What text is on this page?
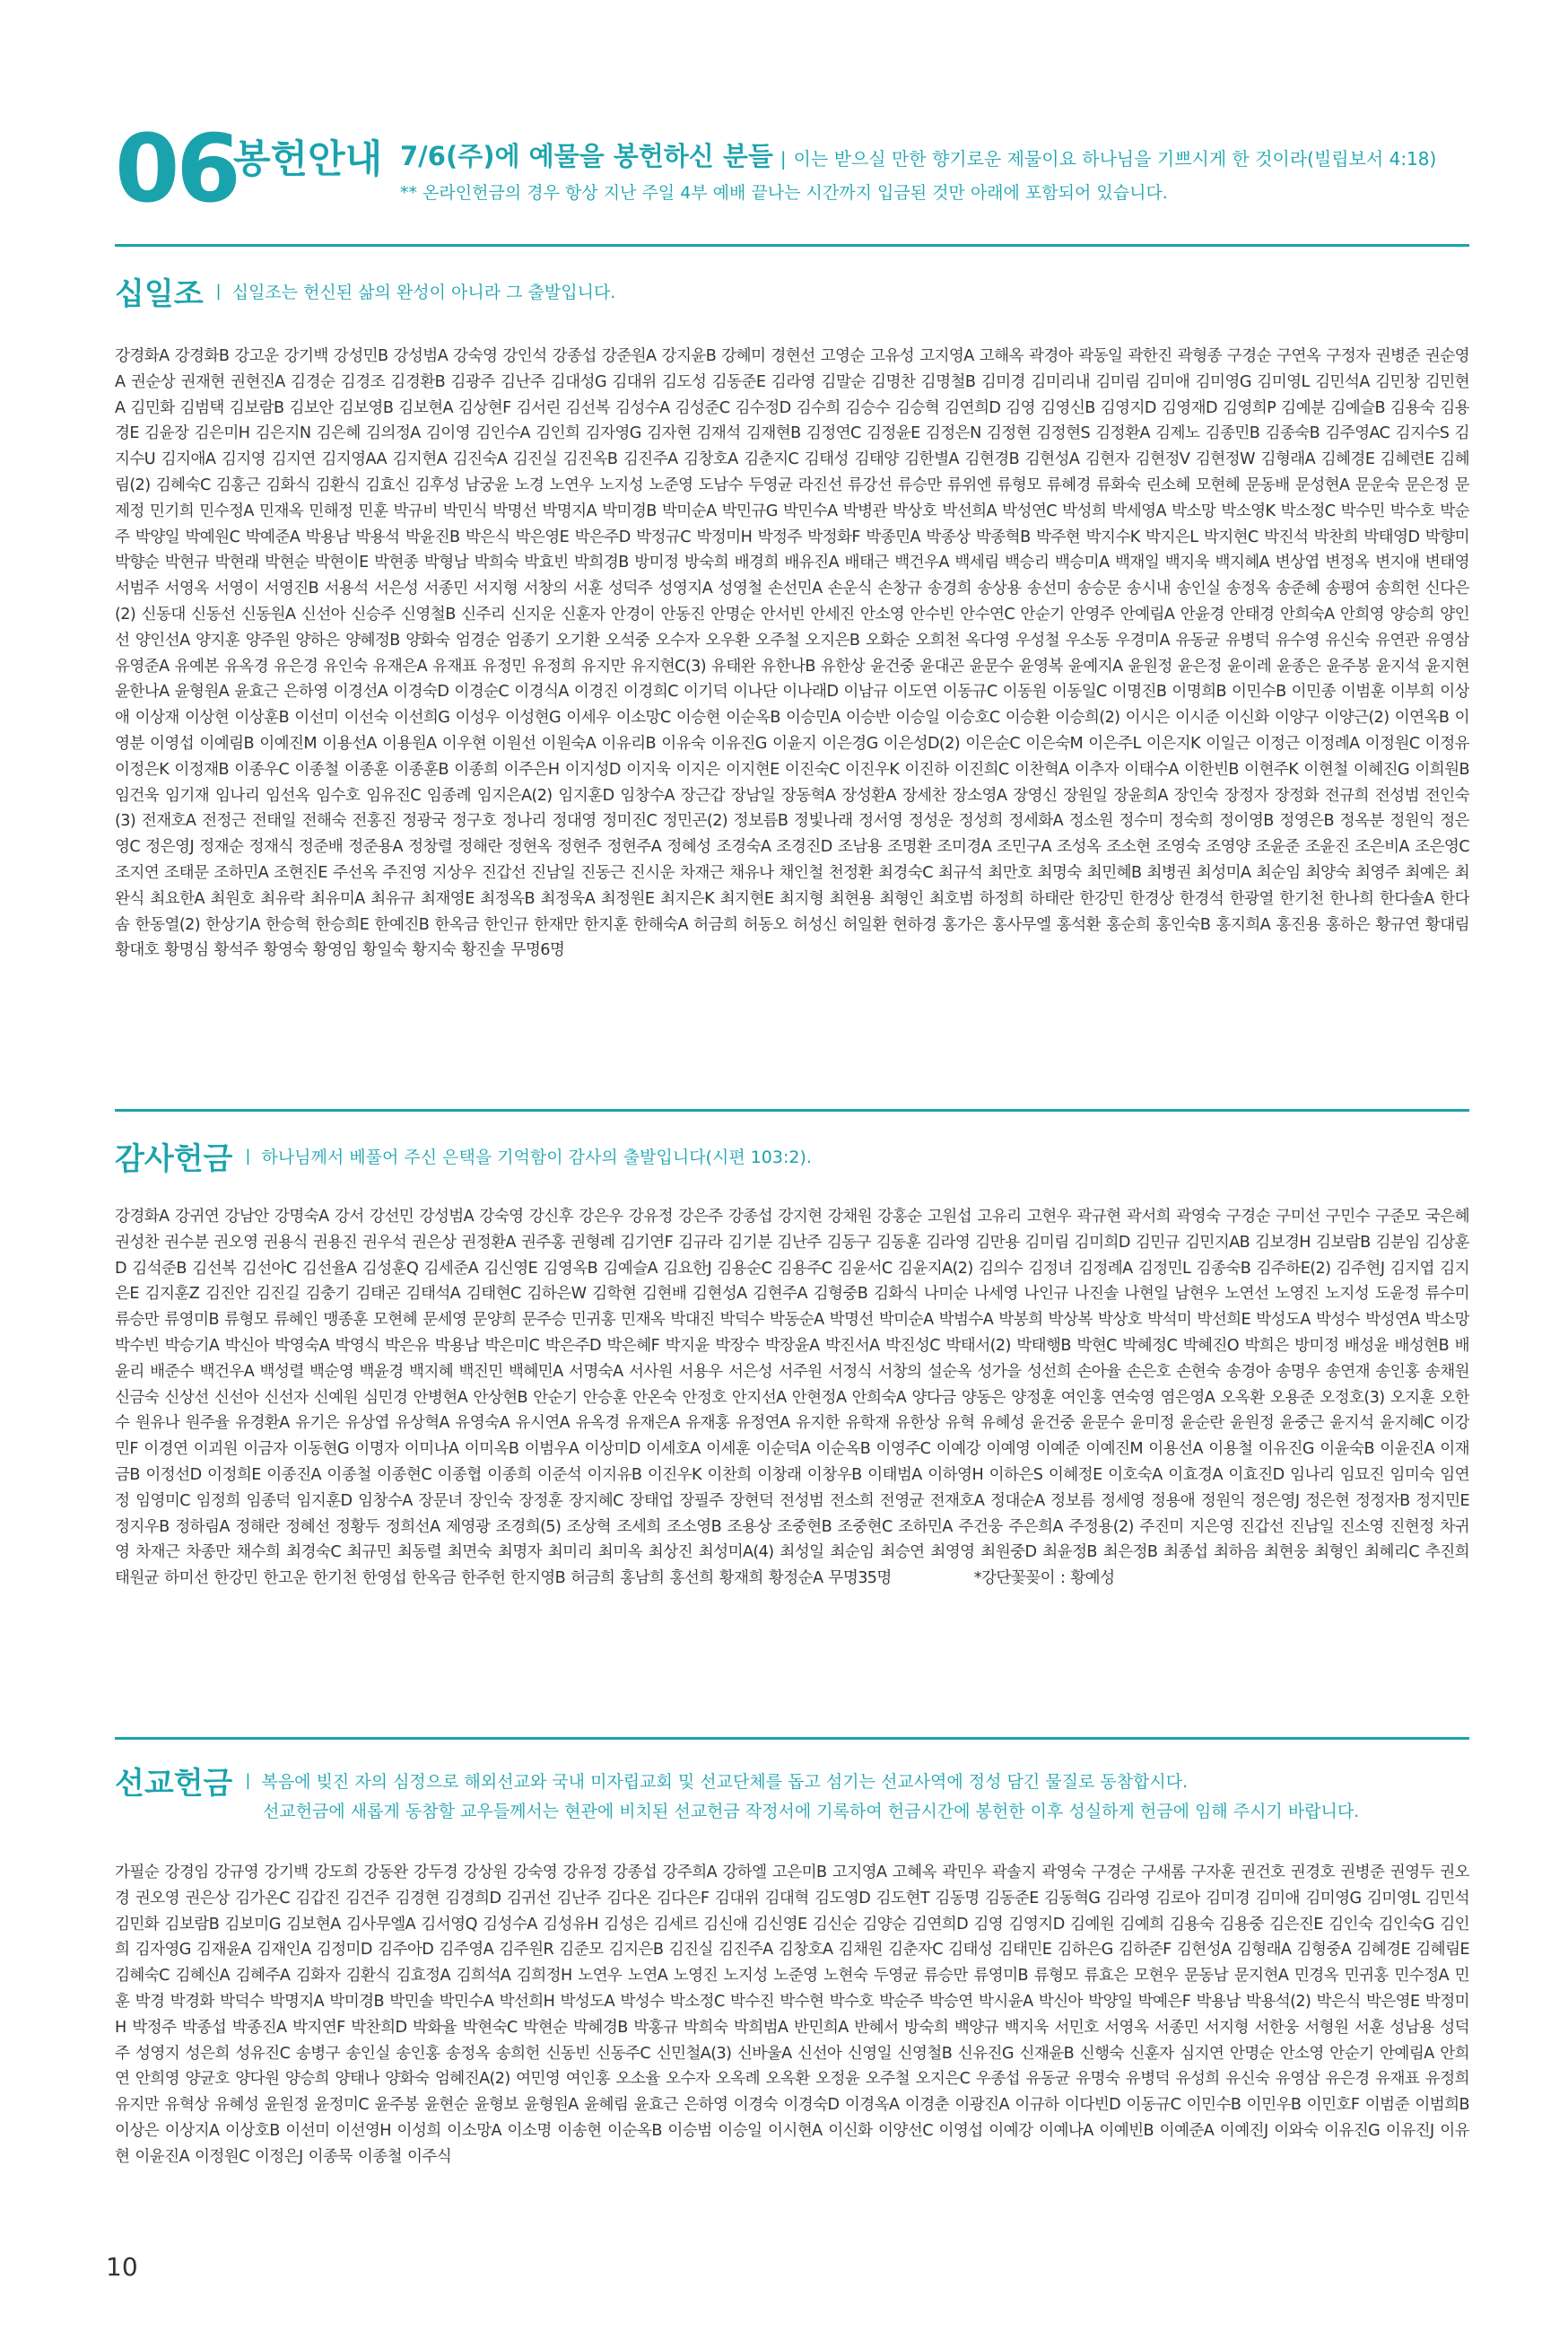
06
봉헌안내 7/6(주)에 예물을 봉헌하신 분들 | 이는 받으실 만한 향기로운 제물이요 하나님을 기쁘시게 한 것이라(빌립보서 4:18)
** 온라인헌금의 경우 항상 지난 주일 4부 예배 끝나는 시간까지 입금된 것만 아래에 포함되어 있습니다.
십일조 | 십일조는 헌신된 삶의 완성이 아니라 그 출발입니다.
강경화A 강경화B 강고운 강기백 강성민B 강성범A 강숙영 강인석 강종섭 강준원A 강지윤B 강혜미 경현선 고영순 고유성 고지영A 고해옥 곽경아 곽동일 곽한진 곽형종 구경순 구연옥 구정자 권병준 권순영A 권순상 권재현 권현진A 김경순 김경조 김경환B 김광주 김난주 김대성G 김대위 김도성 김동준E 김라영 김말순 김명찬 김명철B 김미경 김미리내 김미림 김미애 김미영G 김미영L 김민석A 김민창 김민현A 김민화 김범택 김보람B 김보안 김보영B 김보현A 김상현F 김서린 김선복 김성수A 김성준C 김수정D 김수희 김승수 김승혁 김연희D 김영 김영신B 김영지D 김영재D 김영희P 김예분 김예슬B 김용숙 김용경E 김윤장 김은미H 김은지N 김은혜 김의정A 김이영 김인수A 김인희 김자영G 김자현 김재석 김재현B 김정연C 김정윤E 김정은N 김정현 김정현S 김정환A 김제노 김종민B 김종숙B 김주영AC 김지수S 김지수U 김지애A 김지영 김지연 김지영AA 김지현A 김진숙A 김진실 김진옥B 김진주A 김창호A 김춘지C 김태성 김태양 김한별A 김현경B 김현성A 김현자 김현정V 김현정W 김형래A 김혜경E 김혜련E 김혜림(2) 김혜숙C 김홍근 김화식 김환식 김효신 김후성 남궁윤 노경 노연우 노지성 노준영 도남수 두영균 라진선 류강선 류승만 류위엔 류형모 류혜경 류화숙 린소혜 모현혜 문동배 문성현A 문운숙 문은정 문제정 민기희 민수정A 민재옥 민해정 민훈 박규비 박민식 박명선 박명지A 박미경B 박미순A 박민규G 박민수A 박병관 박상호 박선희A 박성연C 박성희 박세영A 박소망 박소영K 박소정C 박수민 박수호 박순주 박양일 박예원C 박예준A 박용남 박용석 박윤진B 박은식 박은영E 박은주D 박정규C 박정미H 박정주 박정화F 박종민A 박종상 박종혁B 박주현 박지수K 박지은L 박지현C 박진석 박찬희 박태영D 박향미 박향순 박현규 박현래 박현순 박현이E 박현종 박형남 박희숙 박효빈 박희경B 방미정 방숙희 배경희 배유진A 배태근 백건우A 백세림 백승리 백승미A 백재일 백지욱 백지혜A 변상엽 변정옥 변지애 변태영 서범주 서영옥 서영이 서영진B 서용석 서은성 서종민 서지형 서창의 서훈 성덕주 성영지A 성영철 손선민A 손운식 손창규 송경희 송상용 송선미 송승문 송시내 송인실 송정옥 송준혜 송평여 송희헌 신다은(2) 신동대 신동선 신동원A 신선아 신승주 신영철B 신주리 신지운 신훈자 안경이 안동진 안명순 안서빈 안세진 안소영 안수빈 안수연C 안순기 안영주 안예림A 안윤경 안태경 안희숙A 안희영 양승희 양인선 양인선A 양지훈 양주원 양하은 양혜정B 양화숙 엄경순 엄종기 오기환 오석중 오수자 오우환 오주철 오지은B 오화순 오희천 옥다영 우성철 우소동 우경미A 유동균 유병덕 유수영 유신숙 유연관 유영삼 유영준A 유예본 유옥경 유은경 유인숙 유재은A 유재표 유정민 유정희 유지만 유지현C(3) 유태완 유한나B 유한상 윤건중 윤대곤 윤문수 윤영복 윤예지A 윤원정 윤은정 윤이레 윤종은 윤주봉 윤지석 윤지현 윤한나A 윤형원A 윤효근 은하영 이경선A 이경숙D 이경순C 이경식A 이경진 이경희C 이기덕 이나단 이나래D 이남규 이도연 이동규C 이동원 이동일C 이명진B 이명희B 이민수B 이민종 이범훈 이부희 이상애 이상재 이상현 이상훈B 이선미 이선숙 이선희G 이성우 이성현G 이세우 이소망C 이승현 이순옥B 이승민A 이승반 이승일 이승호C 이승환 이승희(2) 이시은 이시준 이신화 이양구 이양근(2) 이연옥B 이영분 이영섭 이예림B 이예진M 이용선A 이용원A 이우현 이원선 이원숙A 이유리B 이유숙 이유진G 이윤지 이은경G 이은성D(2) 이은순C 이은숙M 이은주L 이은지K 이일근 이정근 이정례A 이정원C 이정유 이정은K 이정재B 이종우C 이종철 이종훈 이종훈B 이종희 이주은H 이지성D 이지욱 이지은 이지현E 이진숙C 이진우K 이진하 이진희C 이찬혁A 이추자 이태수A 이한빈B 이현주K 이현철 이혜진G 이희원B 임건욱 임기재 임나리 임선옥 임수호 임유진C 임종례 임지은A(2) 임지훈D 임창수A 장근갑 장남일 장동혁A 장성환A 장세찬 장소영A 장영신 장원일 장윤희A 장인숙 장정자 장정화 전규희 전성범 전인숙(3) 전재호A 전정근 전태일 전해숙 전홍진 정광국 정구호 정나리 정대영 정미진C 정민곤(2) 정보름B 정빛나래 정서영 정성운 정성희 정세화A 정소원 정수미 정숙희 정이영B 정영은B 정옥분 정원익 정은영C 정은영J 정재순 정재식 정준배 정준용A 정창렬 정해란 정현옥 정현주 정현주A 정혜성 조경숙A 조경진D 조남용 조명환 조미경A 조민구A 조성옥 조소현 조영숙 조영양 조윤준 조윤진 조은비A 조은영C 조지연 조태문 조하민A 조현진E 주선옥 주진영 지상우 진갑선 진남일 진동근 진시운 차재근 채유나 채인철 천정환 최경숙C 최규석 최만호 최명숙 최민혜B 최병권 최성미A 최순임 최양숙 최영주 최예은 최완식 최요한A 최원호 최유락 최유미A 최유규 최재영E 최정옥B 최정욱A 최정원E 최지은K 최지현E 최지형 최현용 최형인 최호범 하정희 하태란 한강민 한경상 한경석 한광열 한기천 한나희 한다솔A 한다솜 한동열(2) 한상기A 한승혁 한승희E 한예진B 한옥금 한인규 한재만 한지훈 한해숙A 허금희 허동오 허성신 허일환 현하경 홍가은 홍사무엘 홍석환 홍순희 홍인숙B 홍지희A 홍진용 홍하은 황규연 황대림 황대호 황명심 황석주 황영숙 황영임 황일숙 황지숙 황진솔 무명6명
감사헌금 | 하나님께서 베풀어 주신 은택을 기억함이 감사의 출발입니다(시편 103:2).
강경화A 강귀연 강남안 강명숙A 강서 강선민 강성범A 강숙영 강신후 강은우 강유정 강은주 강종섭 강지현 강채원 강홍순 고원섭 고유리 고현우 곽규현 곽서희 곽영숙 구경순 구미선 구민수 구준모 국은혜 권성찬 권수분 권오영 권용식 권용진 권우석 권은상 권정환A 권주홍 권형례 김기연F 김규라 김기분 김난주 김동구 김동훈 김라영 김만용 김미림 김미희D 김민규 김민지AB 김보경H 김보람B 김분임 김상훈D 김석준B 김선복 김선아C 김선율A 김성훈Q 김세준A 김신영E 김영옥B 김예슬A 김요한J 김용순C 김용주C 김윤서C 김윤지A(2) 김의수 김정녀 김정례A 김정민L 김종숙B 김주하E(2) 김주현J 김지엽 김지은E 김지훈Z 김진안 김진길 김충기 김태곤 김태석A 김태현C 김하은W 김학현 김현배 김현성A 김현주A 김형중B 김화식 나미순 나세영 나인규 나진솔 나현일 남현우 노연선 노영진 노지성 도윤정 류수미 류승만 류영미B 류형모 류혜인 맹종훈 모현혜 문세영 문양희 문주승 민귀홍 민재옥 박대진 박덕수 박동순A 박명선 박미순A 박범수A 박봉희 박상복 박상호 박석미 박선희E 박성도A 박성수 박성연A 박소망 박수빈 박승기A 박신아 박영숙A 박영식 박은유 박용남 박은미C 박은주D 박은혜F 박지윤 박장수 박장윤A 박진서A 박진성C 박태서(2) 박태행B 박현C 박혜정C 박혜진O 박희은 방미정 배성윤 배성현B 배윤리 배준수 백건우A 백성렬 백순영 백윤경 백지혜 백진민 백혜민A 서명숙A 서사원 서용우 서은성 서주원 서정식 서창의 설순옥 성가을 성선희 손아율 손은호 손현숙 송경아 송명우 송연재 송인홍 송채원 신금숙 신상선 신선아 신선자 신예원 심민경 안병현A 안상현B 안순기 안승훈 안온숙 안정호 안지선A 안현정A 안희숙A 양다금 양동은 양정훈 여인홍 연숙영 염은영A 오옥환 오용준 오정호(3) 오지훈 오한수 원유나 원주율 유경환A 유기은 유상엽 유상혁A 유영숙A 유시연A 유옥경 유재은A 유재홍 유정연A 유지한 유학재 유한상 유혁 유혜성 윤건중 윤문수 윤미정 윤순란 윤원정 윤중근 윤지석 윤지혜C 이강민F 이경연 이괴원 이금자 이동현G 이명자 이미나A 이미옥B 이범우A 이상미D 이세호A 이세훈 이순덕A 이순옥B 이영주C 이예강 이예영 이예준 이예진M 이용선A 이용철 이유진G 이윤숙B 이윤진A 이재금B 이정선D 이정희E 이종진A 이종철 이종현C 이종협 이종희 이준석 이지유B 이진우K 이찬희 이창래 이창우B 이태범A 이하영H 이하은S 이혜정E 이호숙A 이효경A 이효진D 임나리 임묘진 임미숙 임연정 임영미C 임정희 임종덕 임지훈D 임창수A 장문녀 장인숙 장정훈 장지혜C 장태업 장필주 장현덕 전성범 전소희 전영균 전재호A 정대순A 정보름 정세영 정용애 정원익 정은영J 정은현 정정자B 정지민E 정지우B 정하림A 정해란 정혜선 정황두 정희선A 제영광 조경희(5) 조상혁 조세희 조소영B 조용상 조중현B 조중현C 조하민A 주건웅 주은희A 주정용(2) 주진미 지은영 진갑선 진남일 진소영 진현정 차귀영 차재근 차종만 채수희 최경숙C 최규민 최동렬 최면숙 최명자 최미리 최미옥 최상진 최성미A(4) 최성일 최순임 최승연 최영영 최원중D 최윤정B 최은정B 최종섭 최하음 최현웅 최형인 최혜리C 추진희 태원균 하미선 한강민 한고운 한기천 한영섭 한옥금 한주헌 한지영B 허금희 홍남희 홍선희 황재희 황정순A 무명35명	*강단꽃꽂이 : 황예성
선교헌금 | 복음에 빚진 자의 심정으로 해외선교와 국내 미자립교회 및 선교단체를 돕고 섬기는 선교사역에 정성 담긴 물질로 동참합시다.
선교헌금에 새롭게 동참할 교우들께서는 현관에 비치된 선교헌금 작정서에 기록하여 헌금시간에 봉헌한 이후 성실하게 헌금에 임해 주시기 바랍니다.
가필순 강경임 강규영 강기백 강도희 강동완 강두경 강상원 강숙영 강유정 강종섭 강주희A 강하엘 고은미B 고지영A 고혜옥 곽민우 곽솔지 곽영숙 구경순 구새롬 구자훈 권건호 권경호 권병준 권영두 권오경 권오영 권은상 김가온C 김갑진 김건주 김경현 김경희D 김귀선 김난주 김다온 김다은F 김대위 김대혁 김도영D 김도현T 김동명 김동준E 김동혁G 김라영 김로아 김미경 김미애 김미영G 김미영L 김민석 김민화 김보람B 김보미G 김보현A 김사무엘A 김서영Q 김성수A 김성유H 김성은 김세르 김신애 김신영E 김신순 김양순 김연희D 김영 김영지D 김예원 김예희 김용숙 김용중 김은진E 김인숙 김인숙G 김인희 김자영G 김재윤A 김재인A 김정미D 김주아D 김주영A 김주원R 김준모 김지은B 김진실 김진주A 김창호A 김채원 김춘자C 김태성 김태민E 김하은G 김하준F 김현성A 김형래A 김형중A 김혜경E 김혜림E 김혜숙C 김혜신A 김혜주A 김화자 김환식 김효정A 김희석A 김희정H 노연우 노연A 노영진 노지성 노준영 노현숙 두영균 류승만 류영미B 류형모 류효은 모현우 문동남 문지현A 민경옥 민귀홍 민수정A 민훈 박경 박경화 박덕수 박명지A 박미경B 박민솔 박민수A 박선희H 박성도A 박성수 박소정C 박수진 박수현 박수호 박순주 박승연 박시윤A 박신아 박양일 박예은F 박용남 박용석(2) 박은식 박은영E 박정미H 박정주 박종섭 박종진A 박지연F 박찬희D 박화율 박현숙C 박현순 박혜경B 박홍규 박희숙 박희범A 반민희A 반혜서 방숙희 백양규 백지욱 서민호 서영옥 서종민 서지형 서한웅 서형원 서훈 성남용 성덕주 성영지 성은희 성유진C 송병구 송인실 송인홍 송정옥 송희헌 신동빈 신동주C 신민철A(3) 신바울A 신선아 신영일 신영철B 신유진G 신재윤B 신행숙 신훈자 심지연 안명순 안소영 안순기 안예림A 안희연 안희영 양균호 양다원 양승희 양태나 양화숙 엄혜진A(2) 여민영 여인홍 오소율 오수자 오옥례 오옥환 오정윤 오주철 오지은C 우종섭 유동균 유명숙 유병덕 유성희 유신숙 유영삼 유은경 유재표 유정희 유지만 유혁상 유혜성 윤원정 윤정미C 윤주봉 윤현순 윤형보 윤형원A 윤혜림 윤효근 은하영 이경숙 이경숙D 이경옥A 이경춘 이광진A 이규하 이다빈D 이동규C 이민수B 이민우B 이민호F 이범준 이범희B 이상은 이상지A 이상호B 이선미 이선영H 이성희 이소망A 이소명 이송현 이순옥B 이승범 이승일 이시현A 이신화 이양선C 이영섭 이예강 이예나A 이예빈B 이예준A 이예진J 이와숙 이유진G 이유진J 이유현 이윤진A 이정원C 이정은J 이종묵 이종철 이주식
10
